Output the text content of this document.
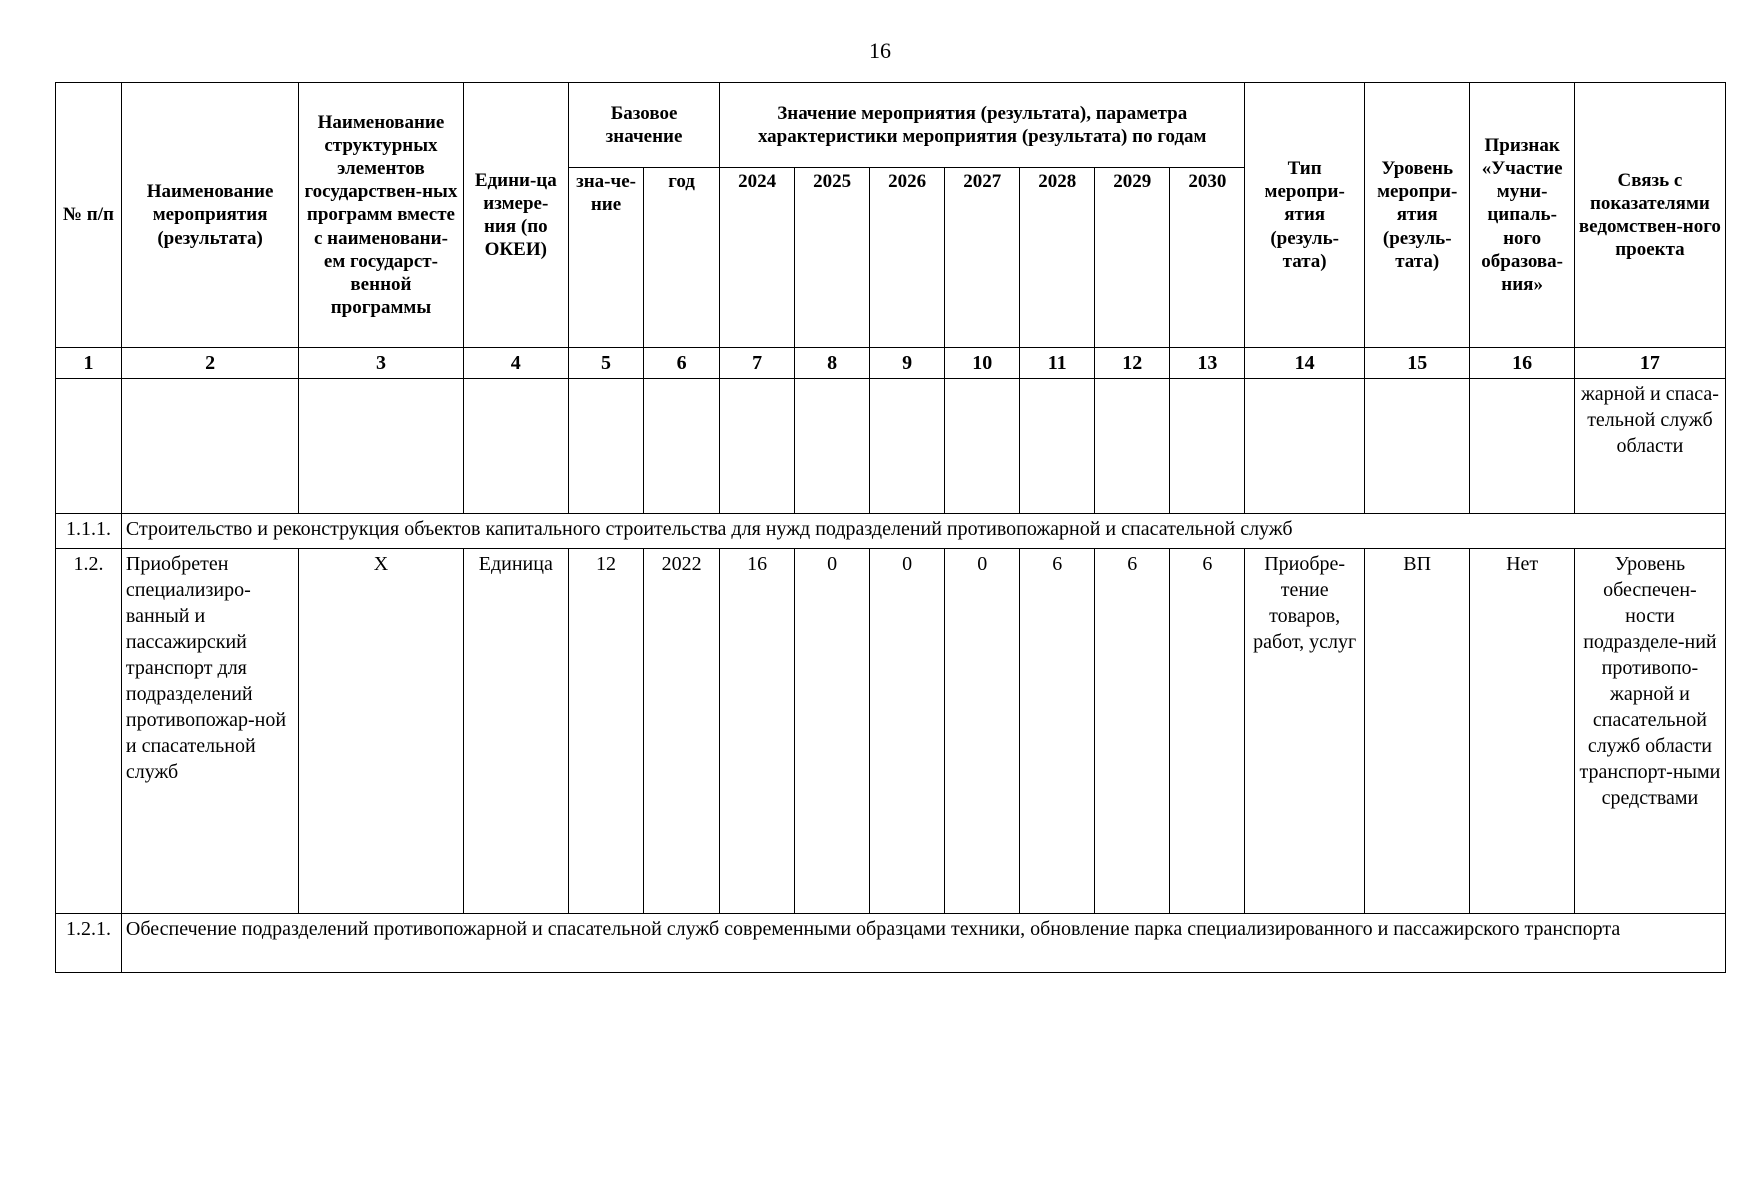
16
№ п/п	Наименование мероприятия (результата)	Наименование структурных элементов государствен-ных программ вместе с наименовани-ем государст-венной программы	Едини-ца измере-ния (по ОКЕИ)	Базовое значение		Значение мероприятия (результата), параметра характеристики мероприятия (результата) по годам							Тип меропри-ятия (резуль-тата)	Уровень меропри-ятия (резуль-тата)	Признак «Участие муни-ципаль-ного образова-ния»	Связь с показателями ведомствен-ного проекта
				зна-че-ние	год	2024	2025	2026	2027	2028	2029	2030				
1	2	3	4	5	6	7	8	9	10	11	12	13	14	15	16	17
																жарной и спаса-тельной служб области
1.1.1.	Строительство и реконструкция объектов капитального строительства для нужд подразделений противопожарной и спасательной служб															
1.2.	Приобретен специализиро-ванный и пассажирский транспорт для подразделений противопожар-ной и спасательной служб	Х	Единица	12	2022	16	0	0	0	6	6	6	Приобре-тение товаров, работ, услуг	ВП	Нет	Уровень обеспечен-ности подразделе-ний противопо-жарной и спасательной служб области транспорт-ными средствами
1.2.1.	Обеспечение подразделений противопожарной и спасательной служб современными образцами техники, обновление парка специализированного и пассажирского транспорта															
